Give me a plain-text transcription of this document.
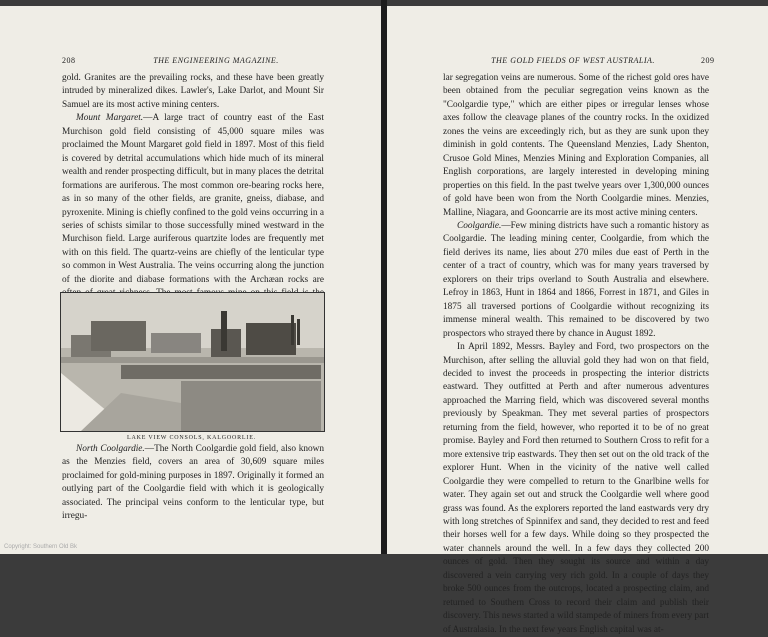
208	THE ENGINEERING MAGAZINE.

gold. Granites are the prevailing rocks, and these have been greatly intruded by mineralized dikes. Lawler's, Lake Darlot, and Mount Sir Samuel are its most active mining centers.

Mount Margaret.—A large tract of country east of the East Murchison gold field consisting of 45,000 square miles was proclaimed the Mount Margaret gold field in 1897. Most of this field is covered by detrital accumulations which hide much of its mineral wealth and render prospecting difficult, but in many places the detrital formations are auriferous. The most common ore-bearing rocks here, as in so many of the other fields, are granite, gneiss, diabase, and pyroxenite. Mining is chiefly confined to the gold veins occurring in a series of schists similar to those successfully mined westward in the Murchison field. Large auriferous quartzite lodes are frequently met with on this field. The quartz-veins are chiefly of the lenticular type so common in West Australia. The veins occurring along the junction of the diorite and diabase formations with the Archæan rocks are

LAKE VIEW CONSOLS, KALGOORLIE.

North Coolgardie.—The North Coolgardie gold field, also known as the Menzies field, covers an area of 30,609 square miles proclaimed for gold-mining purposes in 1897. Originally it formed an outlying part of the Coolgardie field with which it is geologically associated. The principal veins conform to the lenticular type, but irregu-

THE GOLD FIELDS OF WEST AUSTRALIA.	209

lar segregation veins are numerous. Some of the richest gold ores have been obtained from the peculiar segregation veins known as the "Coolgardie type," which are either pipes or irregular lenses whose axes follow the cleavage planes of the country rocks. In the oxidized zones the veins are exceedingly rich, but as they are sunk upon they diminish in gold contents. The Queensland Menzies, Lady Shenton, Crusoe Gold Mines, Menzies Mining and Exploration Companies, all English corporations, are largely interested in developing mining properties on this field. In the past twelve years over 1,300,000 ounces of gold have been won from the North Coolgardie mines. Menzies, Malline, Niagara, and Gooncarrie are its most active mining centers.

Coolgardie.—Few mining districts have such a romantic history as Coolgardie. The leading mining center, Coolgardie, from which the field derives its name, lies about 270 miles due east of Perth in the center of a tract of country, which was for many years traversed by explorers on their trips overland to South Australia and elsewhere. Lefroy in 1863, Hunt in 1864 and 1866, Forrest in 1871, and Giles in 1875 all traversed portions of Coolgardie without recognizing its immense mineral wealth. This remained to be discovered by two prospectors who strayed there by chance in August 1892.

In April 1892, Messrs. Bayley and Ford, two prospectors on the Murchison, after selling the alluvial gold they had won on that field, decided to invest the proceeds in prospecting the interior districts eastward. They outfitted at Perth and after numerous adventures approached the Marring field, which was discovered several months previously by Speakman. They met several parties of prospectors returning from the field, however, who reported it to be of no great promise. Bayley and Ford then returned to Southern Cross to refit for a more extensive trip eastwards. They then set out on the old track of the explorer Hunt. When in the vicinity of the native well called Coolgardie they were compelled to return to the Gnarlbine wells for water. They again set out and struck the Coolgardie well where good grass was found. As the explorers reported the land eastwards very dry with long stretches of Spinnifex and sand, they decided to rest and feed their horses well for a few days. While doing so they prospected the water channels around the well. In a few days they collected 200 ounces of gold. Then they sought its source and within a day discovered a vein carrying very rich gold. In a couple of days they broke 500 ounces from the outcrops, located a prospecting claim, and returned to Southern Cross to record their claim and publish their discovery. This news started a wild stampede of miners from every part of Australasia. In the next few years English capital was at-

Copyright: Southern Old Bk
